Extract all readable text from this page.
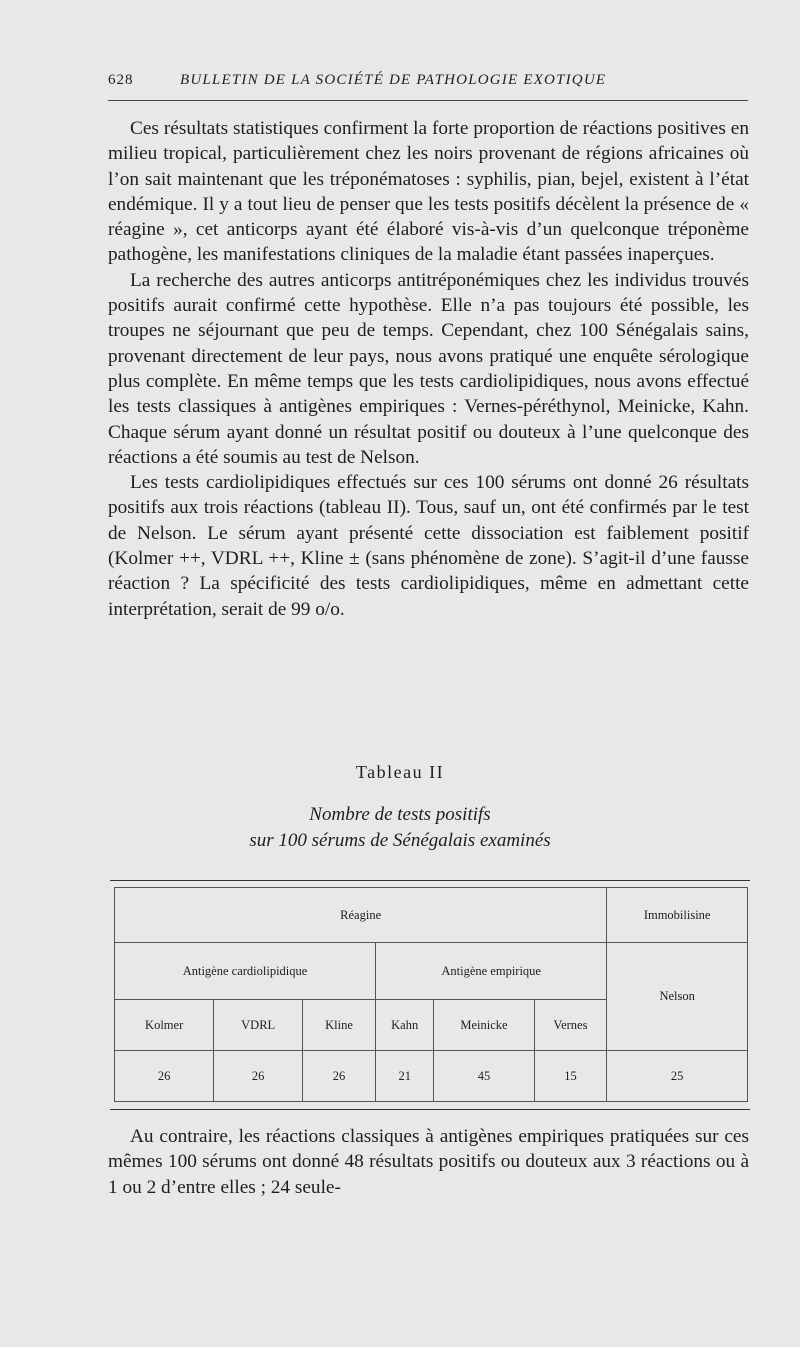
628	BULLETIN DE LA SOCIÉTÉ DE PATHOLOGIE EXOTIQUE

Ces résultats statistiques confirment la forte proportion de réactions positives en milieu tropical, particulièrement chez les noirs provenant de régions africaines où l’on sait maintenant que les tréponématoses : syphilis, pian, bejel, existent à l’état endémique. Il y a tout lieu de penser que les tests positifs décèlent la présence de « réagine », cet anticorps ayant été élaboré vis-à-vis d’un quelconque tréponème pathogène, les manifestations cliniques de la maladie étant passées inaperçues.

La recherche des autres anticorps antitréponémiques chez les individus trouvés positifs aurait confirmé cette hypothèse. Elle n’a pas toujours été possible, les troupes ne séjournant que peu de temps. Cependant, chez 100 Sénégalais sains, provenant directement de leur pays, nous avons pratiqué une enquête sérologique plus complète. En même temps que les tests cardiolipidiques, nous avons effectué les tests classiques à antigènes empiriques : Vernes-péréthynol, Meinicke, Kahn. Chaque sérum ayant donné un résultat positif ou douteux à l’une quelconque des réactions a été soumis au test de Nelson.

Les tests cardiolipidiques effectués sur ces 100 sérums ont donné 26 résultats positifs aux trois réactions (tableau II). Tous, sauf un, ont été confirmés par le test de Nelson. Le sérum ayant présenté cette dissociation est faiblement positif (Kolmer ++, VDRL ++, Kline ± (sans phénomène de zone). S’agit-il d’une fausse réaction ? La spécificité des tests cardiolipidiques, même en admettant cette interprétation, serait de 99 o/o.

Tableau II
Nombre de tests positifs
sur 100 sérums de Sénégalais examinés
Réagine						Immobilisine
Antigène cardiolipidique			Antigène empirique			Nelson
Kolmer	VDRL	Kline	Kahn	Meinicke	Vernes	
26	26	26	21	45	15	25

Au contraire, les réactions classiques à antigènes empiriques pratiquées sur ces mêmes 100 sérums ont donné 48 résultats positifs ou douteux aux 3 réactions ou à 1 ou 2 d’entre elles ; 24 seule-
